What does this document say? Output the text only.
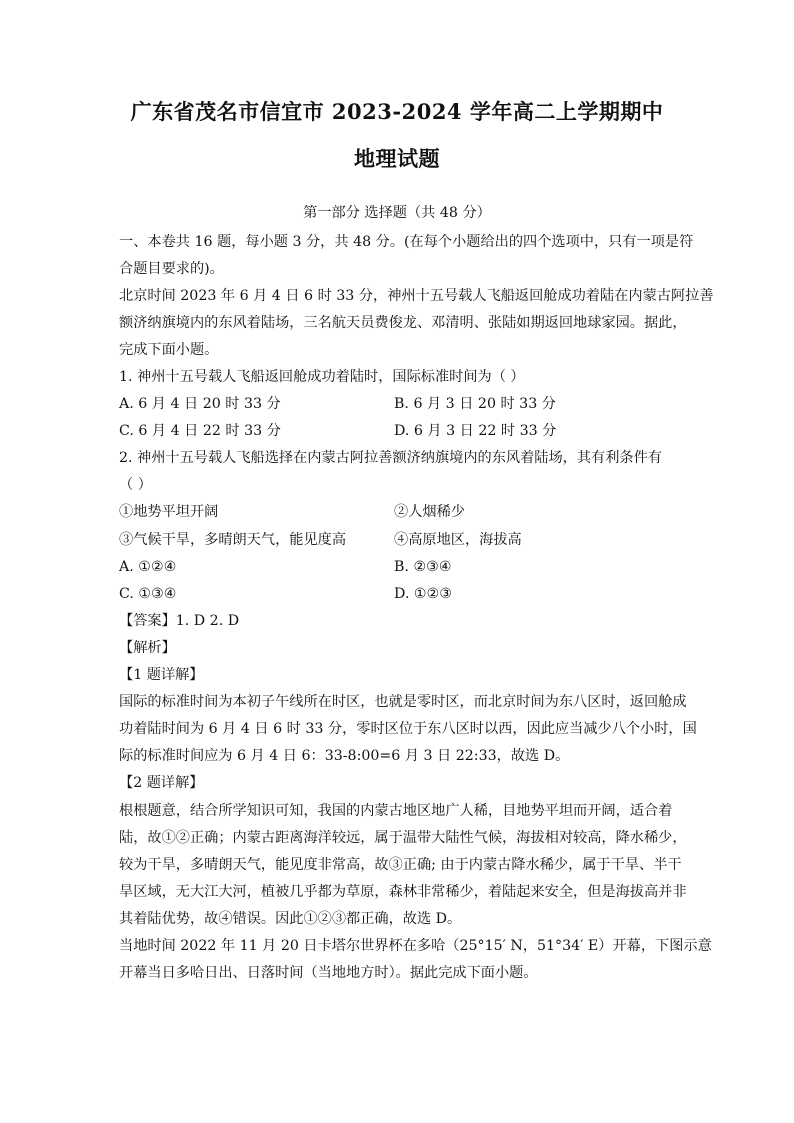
广东省茂名市信宜市 2023-2024 学年高二上学期期中
地理试题
第一部分 选择题（共 48 分）
一、本卷共 16 题，每小题 3 分，共 48 分。(在每个小题给出的四个选项中，只有一项是符
合题目要求的)。
北京时间 2023 年 6 月 4 日 6 时 33 分，神州十五号载人飞船返回舱成功着陆在内蒙古阿拉善
额济纳旗境内的东风着陆场，三名航天员费俊龙、邓清明、张陆如期返回地球家园。据此，
完成下面小题。
1. 神州十五号载人飞船返回舱成功着陆时，国际标准时间为（ ）
A. 6 月 4 日 20 时 33 分	B. 6 月 3 日 20 时 33 分
C. 6 月 4 日 22 时 33 分	D. 6 月 3 日 22 时 33 分
2. 神州十五号载人飞船选择在内蒙古阿拉善额济纳旗境内的东风着陆场，其有利条件有
（ ）
①地势平坦开阔	②人烟稀少
③气候干旱，多晴朗天气，能见度高	④高原地区，海拔高
A. ①②④	B. ②③④
C. ①③④	D. ①②③
【答案】1. D 2. D
【解析】
【1 题详解】
国际的标准时间为本初子午线所在时区，也就是零时区，而北京时间为东八区时，返回舱成
功着陆时间为 6 月 4 日 6 时 33 分，零时区位于东八区时以西，因此应当减少八个小时，国
际的标准时间应为 6 月 4 日 6：33-8:00=6 月 3 日 22:33，故选 D。
【2 题详解】
根根题意，结合所学知识可知，我国的内蒙古地区地广人稀，目地势平坦而开阔，适合着
陆，故①②正确；内蒙古距离海洋较远，属于温带大陆性气候，海拔相对较高，降水稀少，
较为干旱，多晴朗天气，能见度非常高，故③正确; 由于内蒙古降水稀少，属于干旱、半干
旱区域，无大江大河，植被几乎都为草原，森林非常稀少，着陆起来安全，但是海拔高并非
其着陆优势，故④错误。因此①②③都正确，故选 D。
当地时间 2022 年 11 月 20 日卡塔尔世界杯在多哈（25°15′ N，51°34′ E）开幕，下图示意
开幕当日多哈日出、日落时间（当地地方时）。据此完成下面小题。
